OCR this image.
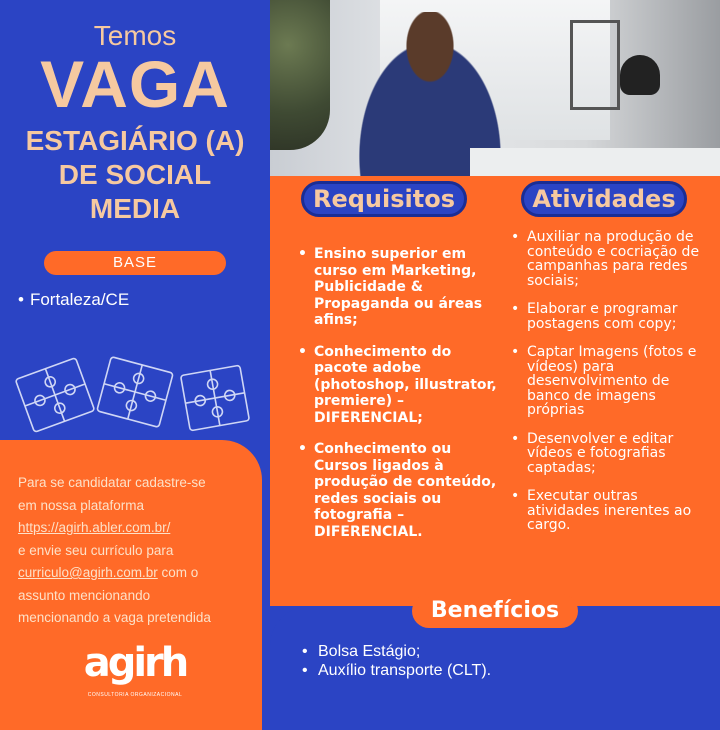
Temos
VAGA
ESTAGIÁRIO (A)
DE SOCIAL
MEDIA
BASE
• Fortaleza/CE
Para se candidatar cadastre-se
em nossa plataforma
https://agirh.abler.com.br/
e envie seu currículo para
curriculo@agirh.com.br com o
assunto mencionando
mencionando a vaga pretendida
agirh
CONSULTORIA ORGANIZACIONAL
Requisitos	Atividades
• Ensino superior em curso em Marketing, Publicidade & Propaganda ou áreas afins;
• Conhecimento do pacote adobe (photoshop, illustrator, premiere) – DIFERENCIAL;
• Conhecimento ou Cursos ligados à produção de conteúdo, redes sociais ou fotografia – DIFERENCIAL.
• Auxiliar na produção de conteúdo e cocriação de campanhas para redes sociais;
• Elaborar e programar postagens com copy;
• Captar Imagens (fotos e vídeos) para desenvolvimento de banco de imagens próprias
• Desenvolver e editar vídeos e fotografias captadas;
• Executar outras atividades inerentes ao cargo.
Benefícios
• Bolsa Estágio;
• Auxílio transporte (CLT).
